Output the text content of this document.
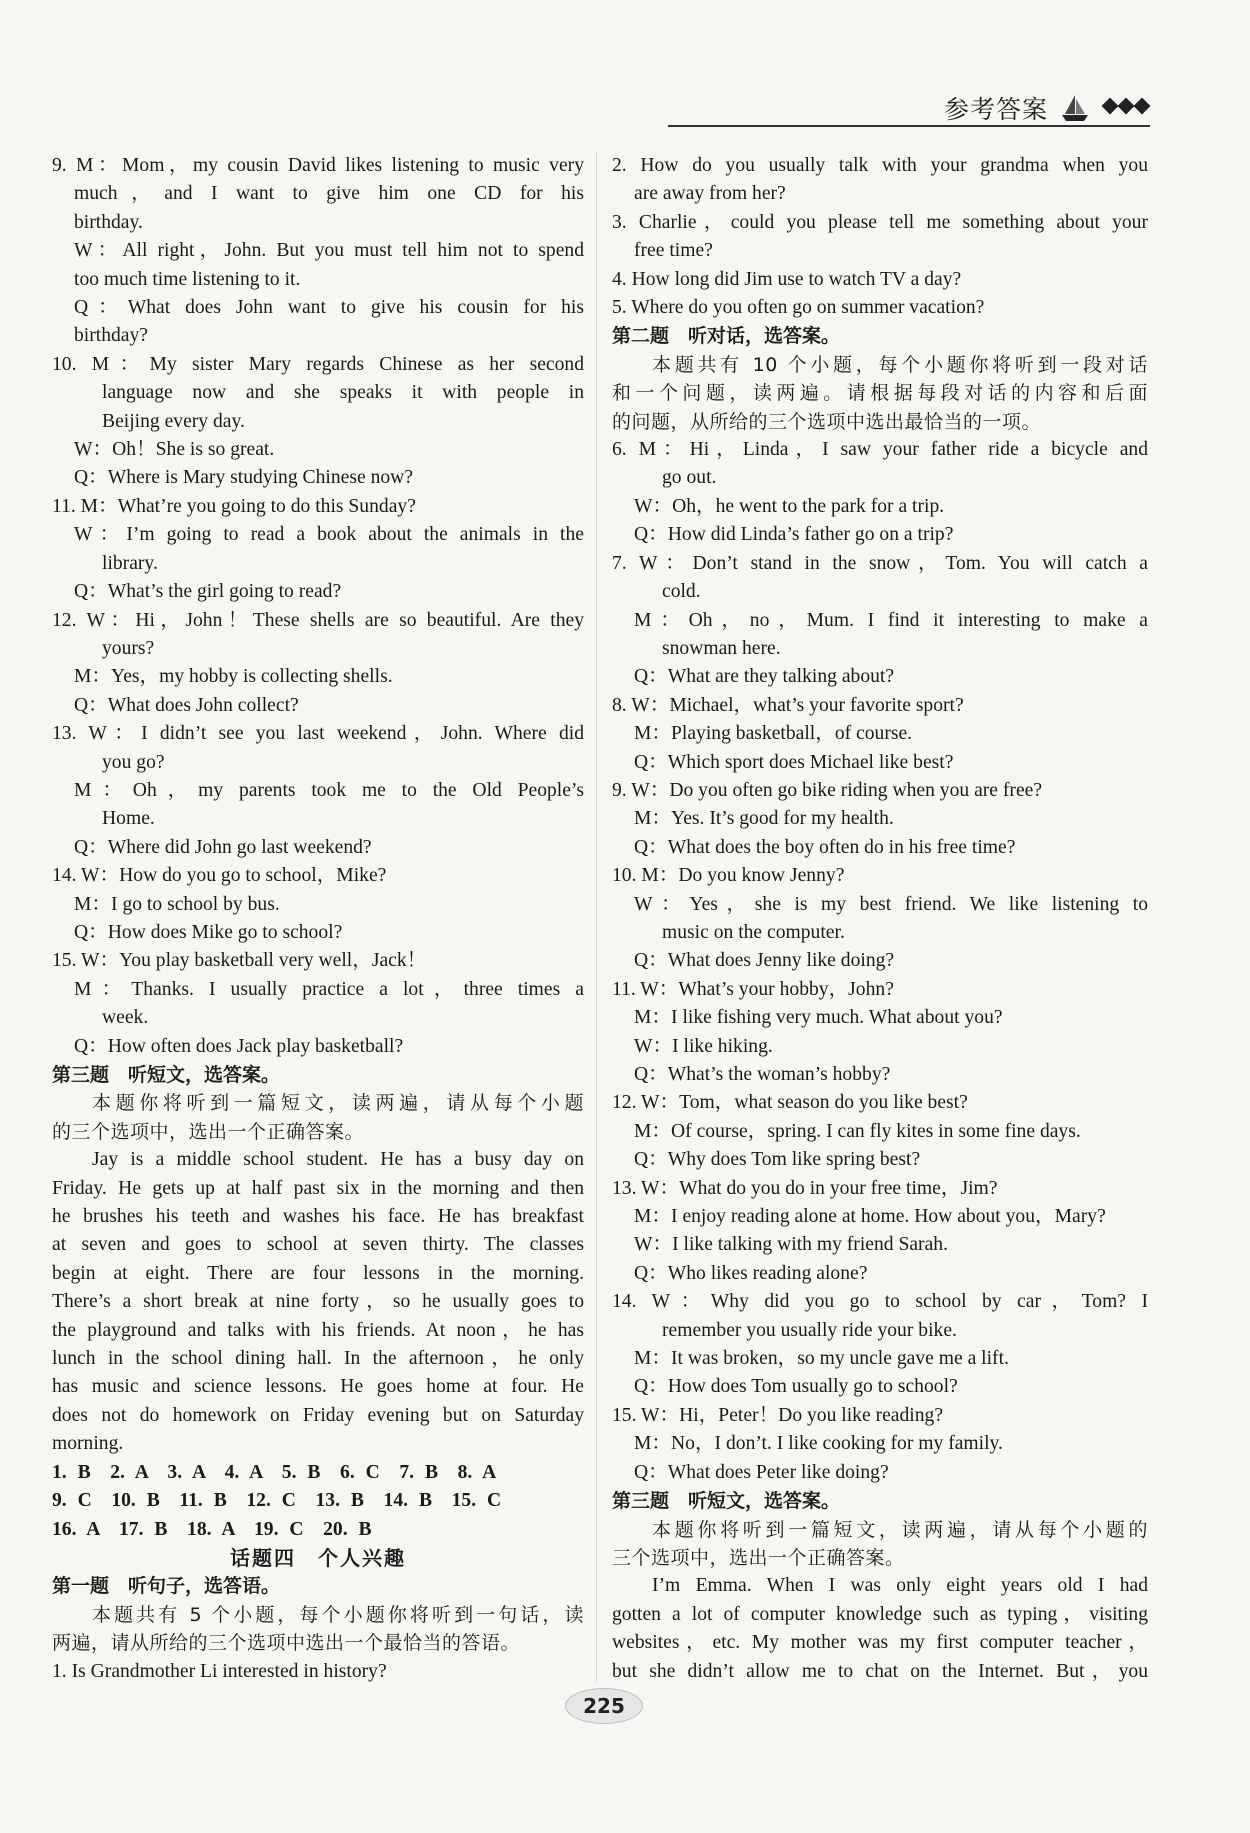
参考答案
9. M：Mom，my cousin David likes listening to music very
much，and I want to give him one CD for his
birthday.
W：All right，John. But you must tell him not to spend
too much time listening to it.
Q：What does John want to give his cousin for his
birthday?
10. M：My sister Mary regards Chinese as her second
language now and she speaks it with people in
Beijing every day.
W：Oh！She is so great.
Q：Where is Mary studying Chinese now?
11. M：What’re you going to do this Sunday?
W：I’m going to read a book about the animals in the
library.
Q：What’s the girl going to read?
12. W：Hi，John！These shells are so beautiful. Are they
yours?
M：Yes，my hobby is collecting shells.
Q：What does John collect?
13. W：I didn’t see you last weekend，John. Where did
you go?
M：Oh，my parents took me to the Old People’s
Home.
Q：Where did John go last weekend?
14. W：How do you go to school，Mike?
M：I go to school by bus.
Q：How does Mike go to school?
15. W：You play basketball very well，Jack！
M：Thanks. I usually practice a lot，three times a
week.
Q：How often does Jack play basketball?
第三题　听短文，选答案。
本题你将听到一篇短文，读两遍，请从每个小题
的三个选项中，选出一个正确答案。
Jay is a middle school student. He has a busy day on
Friday. He gets up at half past six in the morning and then
he brushes his teeth and washes his face. He has breakfast
at seven and goes to school at seven thirty. The classes
begin at eight. There are four lessons in the morning.
There’s a short break at nine forty，so he usually goes to
the playground and talks with his friends. At noon，he has
lunch in the school dining hall. In the afternoon，he only
has music and science lessons. He goes home at four. He
does not do homework on Friday evening but on Saturday
morning.
1. B　2. A　3. A　4. A　5. B　6. C　7. B　8. A
9. C　10. B　11. B　12. C　13. B　14. B　15. C
16. A　17. B　18. A　19. C　20. B
话题四　个人兴趣
第一题　听句子，选答语。
本题共有 5 个小题，每个小题你将听到一句话，读
两遍，请从所给的三个选项中选出一个最恰当的答语。
1. Is Grandmother Li interested in history?
2. How do you usually talk with your grandma when you
are away from her?
3. Charlie，could you please tell me something about your
free time?
4. How long did Jim use to watch TV a day?
5. Where do you often go on summer vacation?
第二题　听对话，选答案。
本题共有 10 个小题，每个小题你将听到一段对话
和一个问题，读两遍。请根据每段对话的内容和后面
的问题，从所给的三个选项中选出最恰当的一项。
6. M：Hi，Linda，I saw your father ride a bicycle and
go out.
W：Oh，he went to the park for a trip.
Q：How did Linda’s father go on a trip?
7. W：Don’t stand in the snow，Tom. You will catch a
cold.
M：Oh，no，Mum. I find it interesting to make a
snowman here.
Q：What are they talking about?
8. W：Michael，what’s your favorite sport?
M：Playing basketball，of course.
Q：Which sport does Michael like best?
9. W：Do you often go bike riding when you are free?
M：Yes. It’s good for my health.
Q：What does the boy often do in his free time?
10. M：Do you know Jenny?
W：Yes，she is my best friend. We like listening to
music on the computer.
Q：What does Jenny like doing?
11. W：What’s your hobby，John?
M：I like fishing very much. What about you?
W：I like hiking.
Q：What’s the woman’s hobby?
12. W：Tom，what season do you like best?
M：Of course，spring. I can fly kites in some fine days.
Q：Why does Tom like spring best?
13. W：What do you do in your free time，Jim?
M：I enjoy reading alone at home. How about you，Mary?
W：I like talking with my friend Sarah.
Q：Who likes reading alone?
14. W：Why did you go to school by car，Tom? I
remember you usually ride your bike.
M：It was broken，so my uncle gave me a lift.
Q：How does Tom usually go to school?
15. W：Hi，Peter！Do you like reading?
M：No，I don’t. I like cooking for my family.
Q：What does Peter like doing?
第三题　听短文，选答案。
本题你将听到一篇短文，读两遍，请从每个小题的
三个选项中，选出一个正确答案。
I’m Emma. When I was only eight years old I had
gotten a lot of computer knowledge such as typing，visiting
websites，etc. My mother was my first computer teacher，
but she didn’t allow me to chat on the Internet. But，you
225
